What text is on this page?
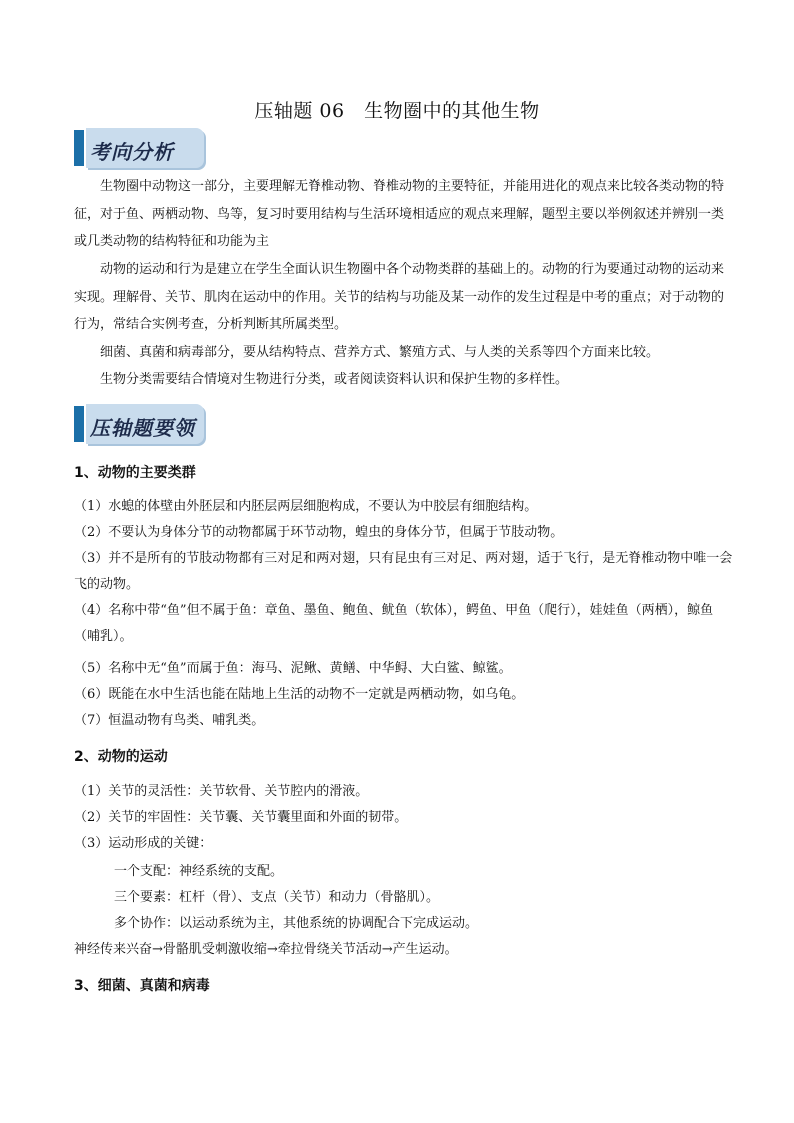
压轴题 06　生物圈中的其他生物
考向分析
生物圈中动物这一部分，主要理解无脊椎动物、脊椎动物的主要特征，并能用进化的观点来比较各类动物的特征，对于鱼、两栖动物、鸟等，复习时要用结构与生活环境相适应的观点来理解，题型主要以举例叙述并辨别一类或几类动物的结构特征和功能为主
动物的运动和行为是建立在学生全面认识生物圈中各个动物类群的基础上的。动物的行为要通过动物的运动来实现。理解骨、关节、肌肉在运动中的作用。关节的结构与功能及某一动作的发生过程是中考的重点；对于动物的行为，常结合实例考查，分析判断其所属类型。
细菌、真菌和病毒部分，要从结构特点、营养方式、繁殖方式、与人类的关系等四个方面来比较。
生物分类需要结合情境对生物进行分类，或者阅读资料认识和保护生物的多样性。
压轴题要领
1、动物的主要类群
（1）水螅的体壁由外胚层和内胚层两层细胞构成，不要认为中胶层有细胞结构。
（2）不要认为身体分节的动物都属于环节动物，蝗虫的身体分节，但属于节肢动物。
（3）并不是所有的节肢动物都有三对足和两对翅，只有昆虫有三对足、两对翅，适于飞行，是无脊椎动物中唯一会飞的动物。
（4）名称中带“鱼”但不属于鱼：章鱼、墨鱼、鲍鱼、鱿鱼（软体），鳄鱼、甲鱼（爬行），娃娃鱼（两栖），鲸鱼（哺乳）。
（5）名称中无“鱼”而属于鱼：海马、泥鳅、黄鳝、中华鲟、大白鲨、鲸鲨。
（6）既能在水中生活也能在陆地上生活的动物不一定就是两栖动物，如乌龟。
（7）恒温动物有鸟类、哺乳类。
2、动物的运动
（1）关节的灵活性：关节软骨、关节腔内的滑液。
（2）关节的牢固性：关节囊、关节囊里面和外面的韧带。
（3）运动形成的关键：
一个支配：神经系统的支配。
三个要素：杠杆（骨）、支点（关节）和动力（骨骼肌）。
多个协作：以运动系统为主，其他系统的协调配合下完成运动。
神经传来兴奋→骨骼肌受刺激收缩→牵拉骨绕关节活动→产生运动。
3、细菌、真菌和病毒
